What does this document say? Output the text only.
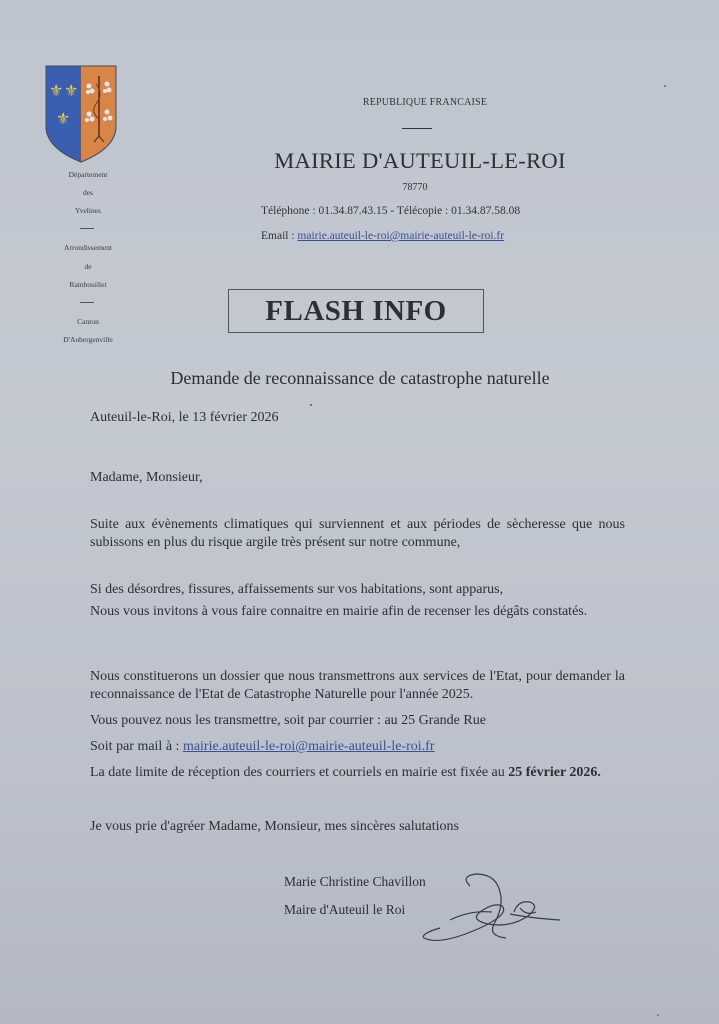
⚜ ⚜
⚜
Département
des
Yvelines
Arrondissement
de
Rambouillet
Canton
D'Aubergenville
REPUBLIQUE FRANCAISE
MAIRIE D'AUTEUIL-LE-ROI
78770
Téléphone : 01.34.87.43.15 - Télécopie : 01.34.87.58.08
Email : mairie.auteuil-le-roi@mairie-auteuil-le-roi.fr
FLASH INFO
Demande de reconnaissance de catastrophe naturelle
Auteuil-le-Roi, le 13 février 2026
Madame, Monsieur,
Suite aux évènements climatiques qui surviennent et aux périodes de sècheresse que nous subissons en plus du risque argile très présent sur notre commune,
Si des désordres, fissures, affaissements sur vos habitations, sont apparus,
Nous vous invitons à vous faire connaitre en mairie afin de recenser les dégâts constatés.
Nous constituerons un dossier que nous transmettrons aux services de l'Etat, pour demander la reconnaissance de l'Etat de Catastrophe Naturelle pour l'année 2025.
Vous pouvez nous les transmettre, soit par courrier : au 25 Grande Rue
Soit par mail à : mairie.auteuil-le-roi@mairie-auteuil-le-roi.fr
La date limite de réception des courriers et courriels en mairie est fixée au 25 février 2026.
Je vous prie d'agréer Madame, Monsieur, mes sincères salutations
Marie Christine Chavillon
Maire d'Auteuil le Roi
